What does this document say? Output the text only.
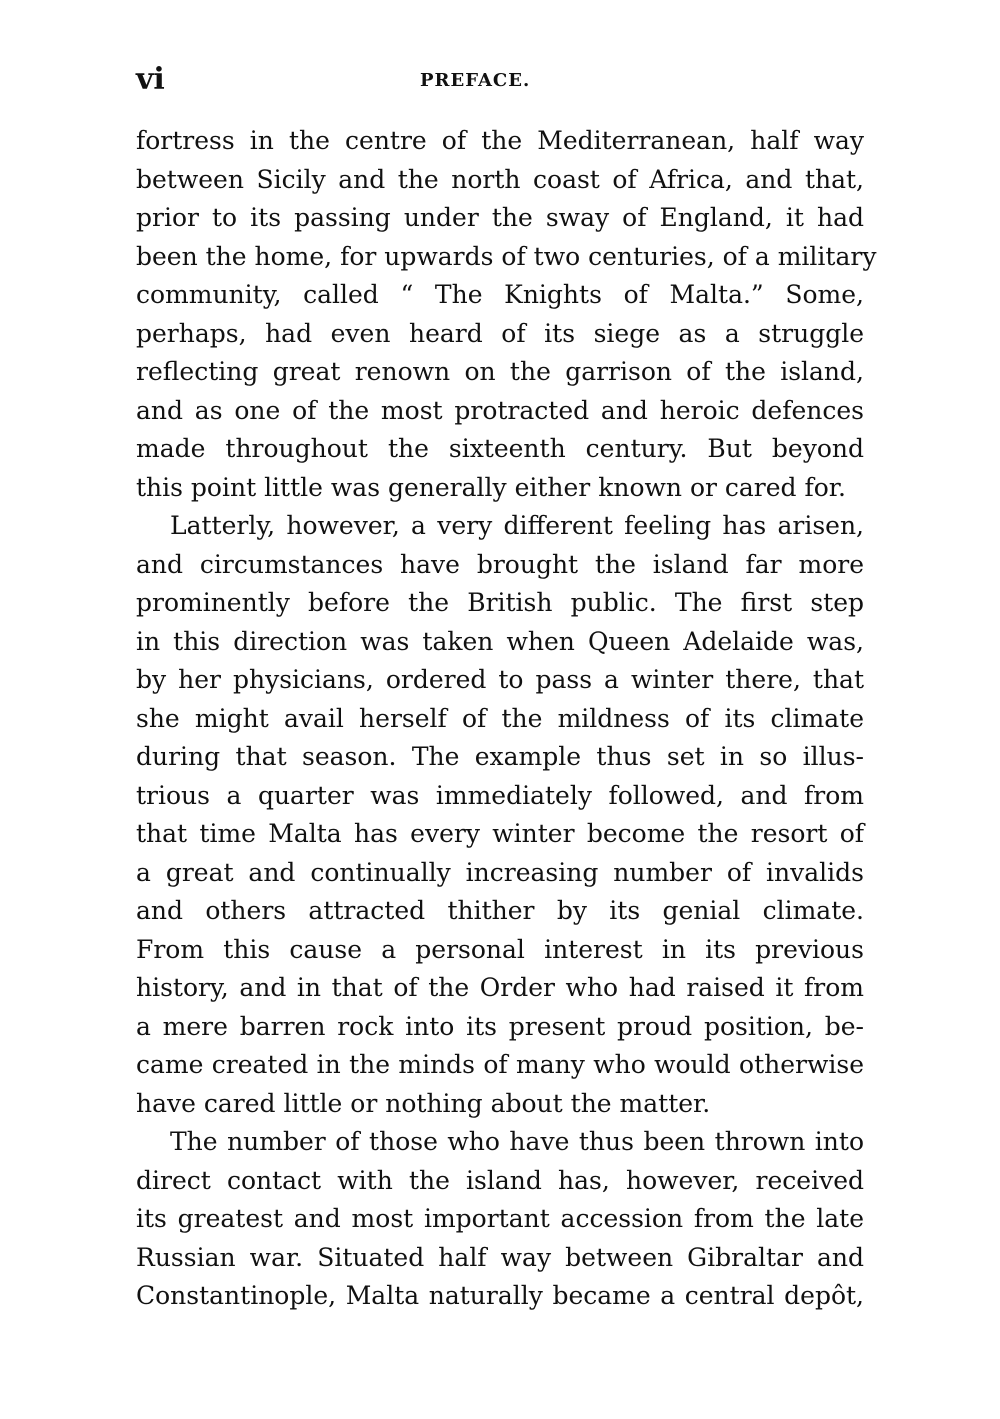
vi	PREFACE.
fortress in the centre of the Mediterranean, half way
between Sicily and the north coast of Africa, and that,
prior to its passing under the sway of England, it had
been the home, for upwards of two centuries, of a military
community, called “ The Knights of Malta.” Some,
perhaps, had even heard of its siege as a struggle
reflecting great renown on the garrison of the island,
and as one of the most protracted and heroic defences
made throughout the sixteenth century. But beyond
this point little was generally either known or cared for.
Latterly, however, a very different feeling has arisen,
and circumstances have brought the island far more
prominently before the British public. The first step
in this direction was taken when Queen Adelaide was,
by her physicians, ordered to pass a winter there, that
she might avail herself of the mildness of its climate
during that season. The example thus set in so illus-
trious a quarter was immediately followed, and from
that time Malta has every winter become the resort of
a great and continually increasing number of invalids
and others attracted thither by its genial climate.
From this cause a personal interest in its previous
history, and in that of the Order who had raised it from
a mere barren rock into its present proud position, be-
came created in the minds of many who would otherwise
have cared little or nothing about the matter.
The number of those who have thus been thrown into
direct contact with the island has, however, received
its greatest and most important accession from the late
Russian war. Situated half way between Gibraltar and
Constantinople, Malta naturally became a central depôt,
